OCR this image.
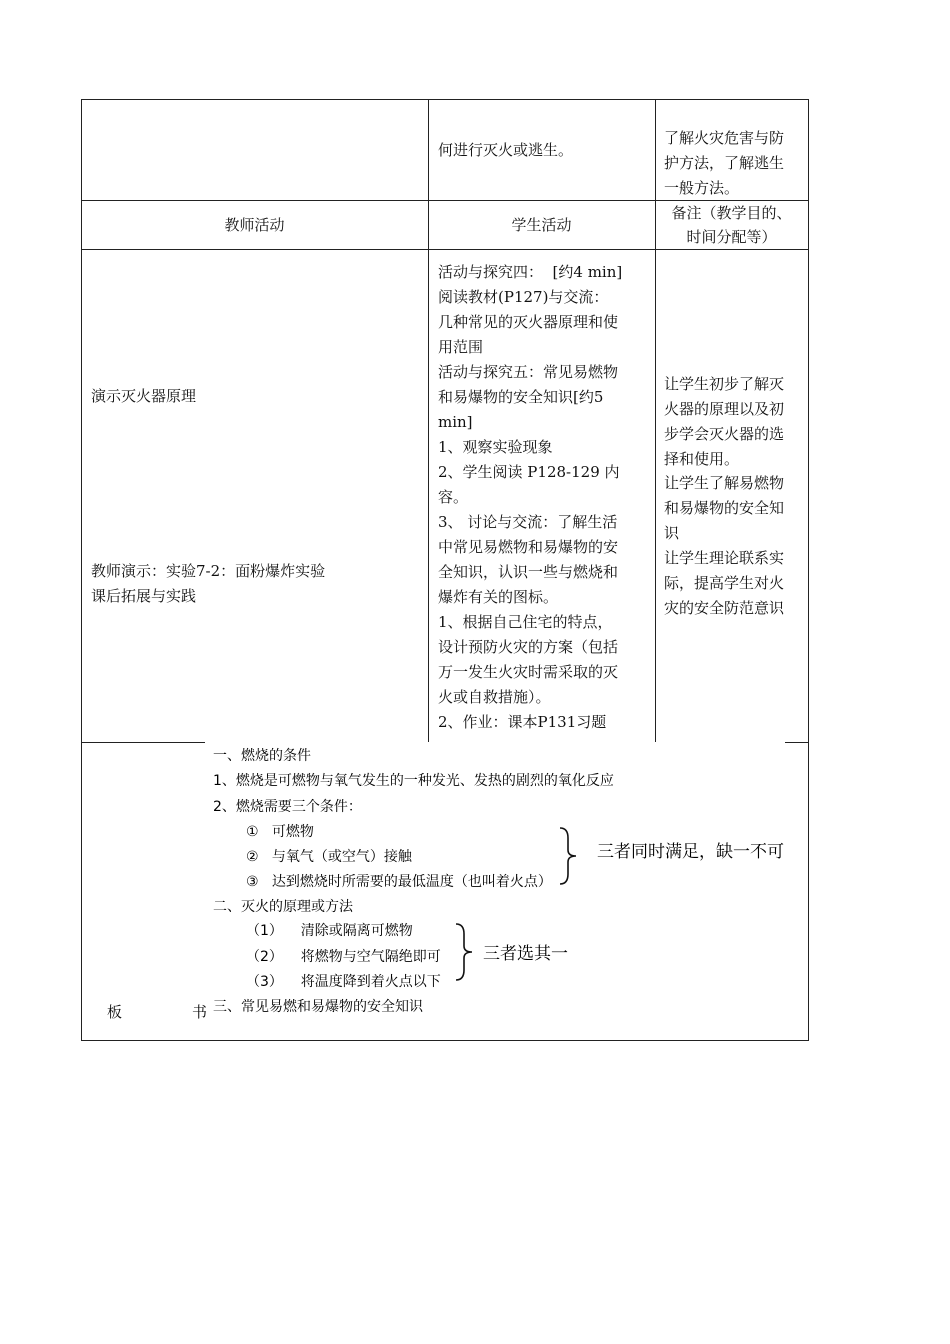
何进行灭火或逃生。
了解火灾危害与防
护方法，了解逃生
一般方法。
教师活动	学生活动
备注（教学目的、
时间分配等）
演示灭火器原理
教师演示：实验7-2：面粉爆炸实验
课后拓展与实践
活动与探究四：  [约4 min]
阅读教材(P127)与交流：
几种常见的灭火器原理和使
用范围
活动与探究五：常见易燃物
和易爆物的安全知识[约5
min]
1、观察实验现象
2、学生阅读 P128-129 内
容。
3、 讨论与交流：了解生活
中常见易燃物和易爆物的安
全知识，认识一些与燃烧和
爆炸有关的图标。
1、根据自己住宅的特点，
设计预防火灾的方案（包括
万一发生火灾时需采取的灭
火或自救措施）。
2、作业：课本P131习题
让学生初步了解灭
火器的原理以及初
步学会灭火器的选
择和使用。
让学生了解易燃物
和易爆物的安全知
识
让学生理论联系实
际，提高学生对火
灾的安全防范意识
板	书
一、燃烧的条件
1、燃烧是可燃物与氧气发生的一种发光、发热的剧烈的氧化反应
2、燃烧需要三个条件：
①   可燃物
②   与氧气（或空气）接触
③   达到燃烧时所需要的最低温度（也叫着火点）
三者同时满足，缺一不可
二、灭火的原理或方法
（1）    清除或隔离可燃物
（2）    将燃物与空气隔绝即可
（3）    将温度降到着火点以下
三者选其一
三、常见易燃和易爆物的安全知识
